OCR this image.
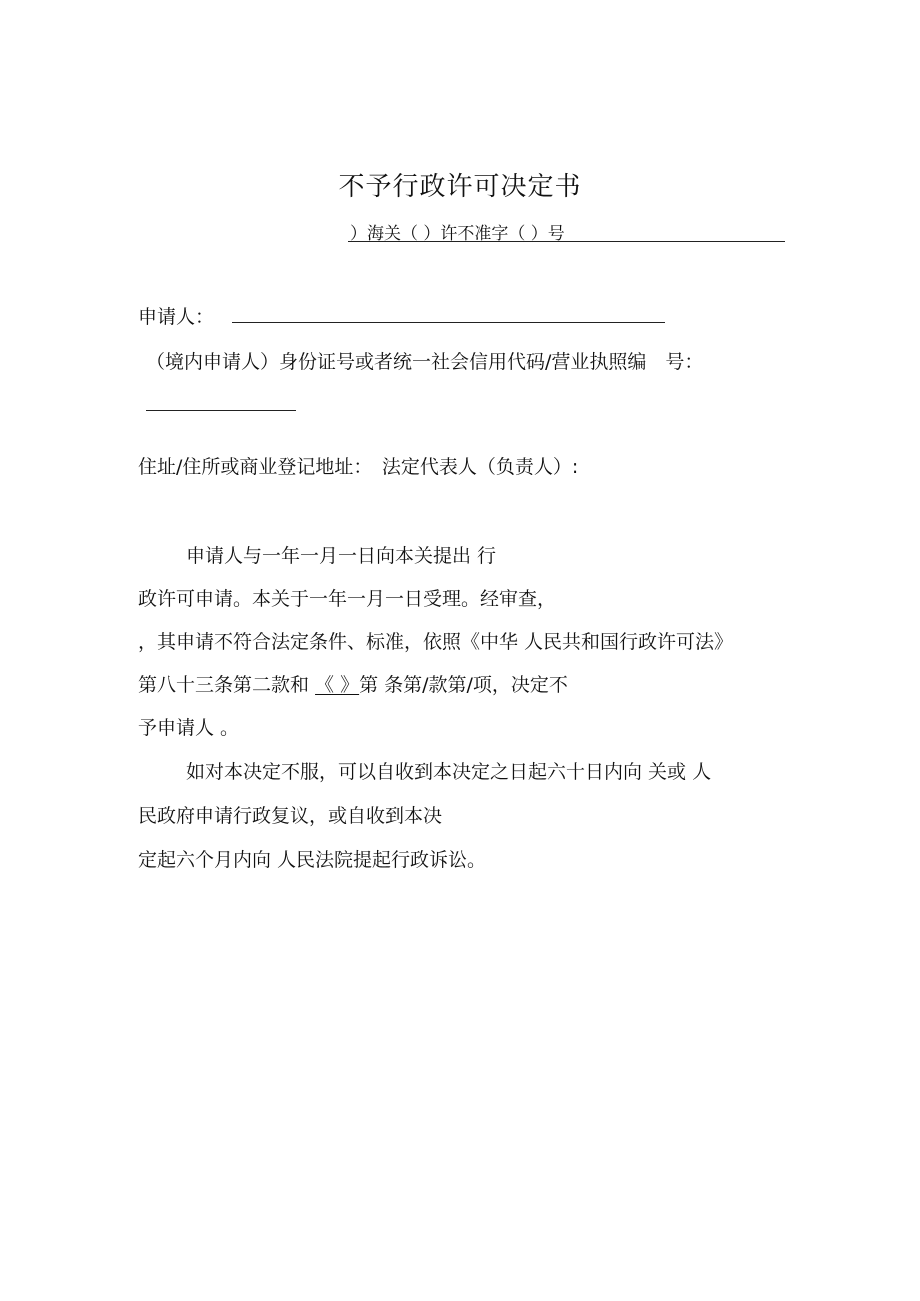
不予行政许可决定书
）海关（ ）许不准字（ ）号
申请人：
（境内申请人）身份证号或者统一社会信用代码/营业执照编　号：
住址/住所或商业登记地址：　法定代表人（负责人）:
申请人与一年一月一日向本关提出 行
政许可申请。本关于一年一月一日受理。经审查，
，其申请不符合法定条件、标准，依照《中华 人民共和国行政许可法》
第八十三条第二款和 《 》第 条第/款第/项，决定不
予申请人 。
如对本决定不服，可以自收到本决定之日起六十日内向 关或 人
民政府申请行政复议，或自收到本决
定起六个月内向 人民法院提起行政诉讼。
